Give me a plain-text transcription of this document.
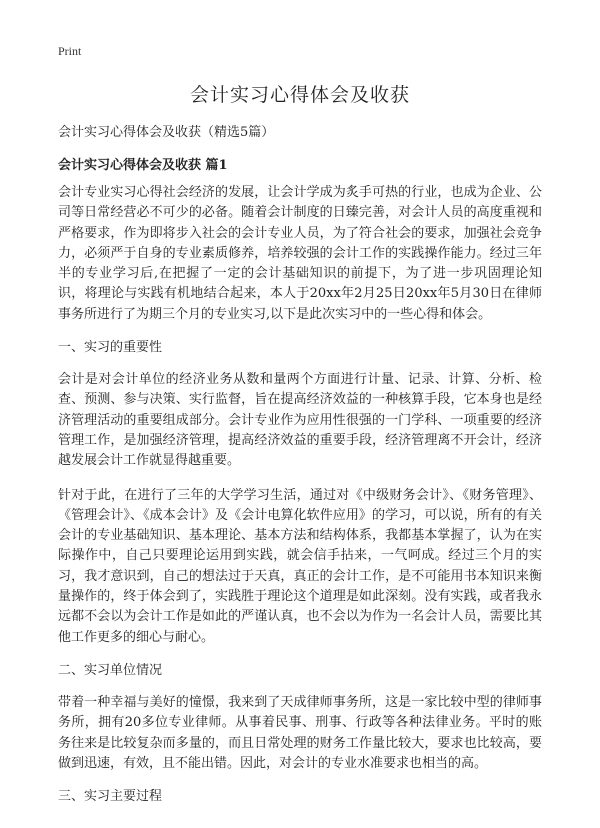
Print
会计实习心得体会及收获
会计实习心得体会及收获（精选5篇）
会计实习心得体会及收获 篇1

会计专业实习心得社会经济的发展，让会计学成为炙手可热的行业，也成为企业、公司等日常经营必不可少的必备。随着会计制度的日臻完善，对会计人员的高度重视和严格要求，作为即将步入社会的会计专业人员，为了符合社会的要求，加强社会竞争力，必须严于自身的专业素质修养，培养较强的会计工作的实践操作能力。经过三年半的专业学习后,在把握了一定的会计基础知识的前提下，为了进一步巩固理论知识，将理论与实践有机地结合起来，本人于20xx年2月25日20xx年5月30日在律师事务所进行了为期三个月的专业实习,以下是此次实习中的一些心得和体会。

一、实习的重要性

会计是对会计单位的经济业务从数和量两个方面进行计量、记录、计算、分析、检查、预测、参与决策、实行监督，旨在提高经济效益的一种核算手段，它本身也是经济管理活动的重要组成部分。会计专业作为应用性很强的一门学科、一项重要的经济管理工作，是加强经济管理，提高经济效益的重要手段，经济管理离不开会计，经济越发展会计工作就显得越重要。

针对于此，在进行了三年的大学学习生活，通过对《中级财务会计》、《财务管理》、《管理会计》、《成本会计》及《会计电算化软件应用》的学习，可以说，所有的有关会计的专业基础知识、基本理论、基本方法和结构体系，我都基本掌握了，认为在实际操作中，自己只要理论运用到实践，就会信手拈来，一气呵成。经过三个月的实习，我才意识到，自己的想法过于天真，真正的会计工作，是不可能用书本知识来衡量操作的，终于体会到了，实践胜于理论这个道理是如此深刻。没有实践，或者我永远都不会以为会计工作是如此的严谨认真，也不会以为作为一名会计人员，需要比其他工作更多的细心与耐心。

二、实习单位情况

带着一种幸福与美好的憧憬，我来到了天成律师事务所，这是一家比较中型的律师事务所，拥有20多位专业律师。从事着民事、刑事、行政等各种法律业务。平时的账务往来是比较复杂而多量的，而且日常处理的财务工作量比较大，要求也比较高，要做到迅速，有效，且不能出错。因此，对会计的专业水准要求也相当的高。

三、实习主要过程
